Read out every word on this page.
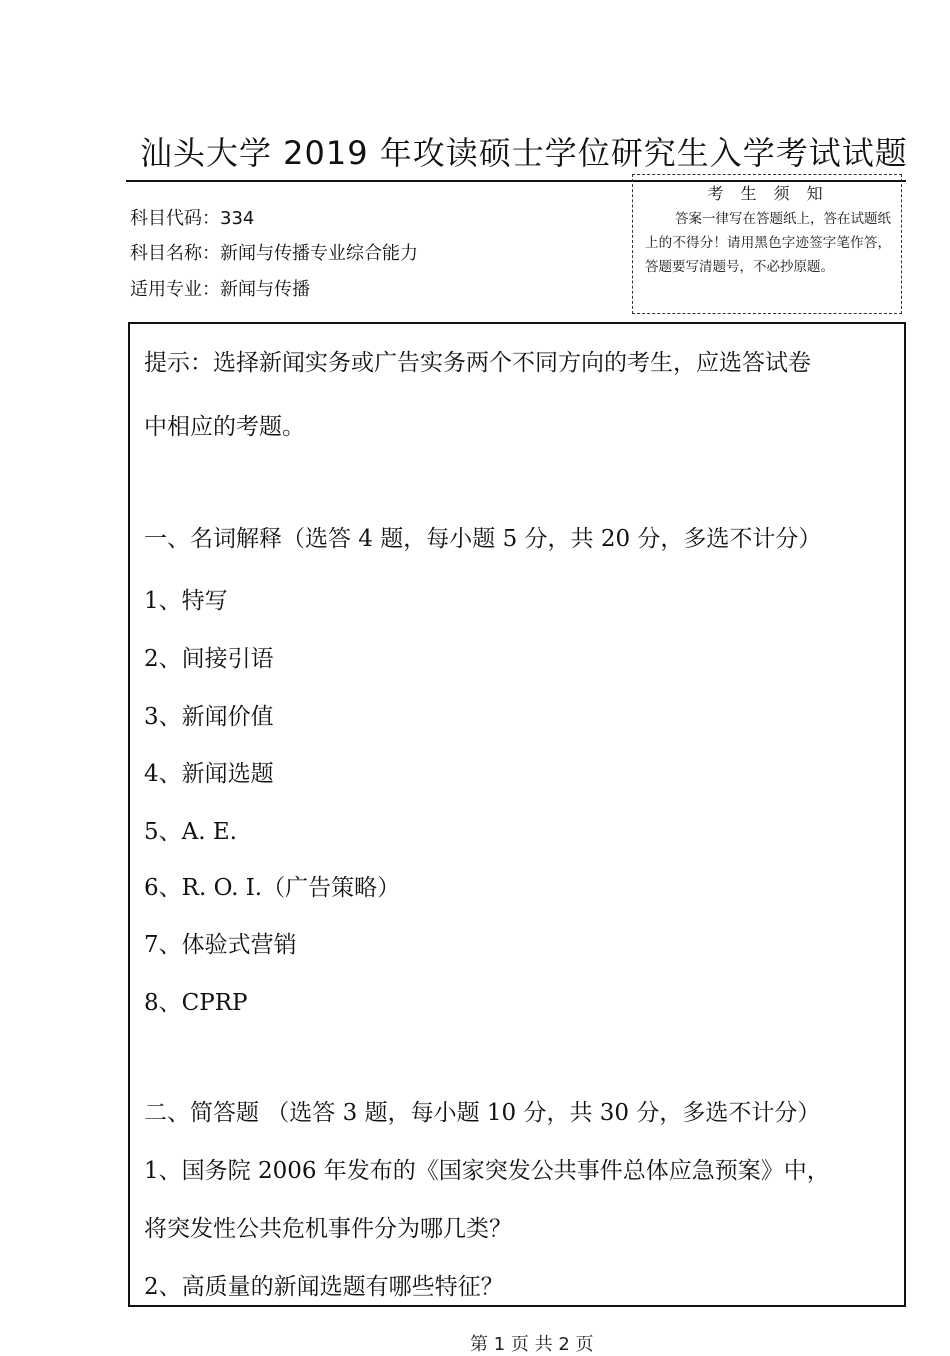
汕头大学 2019 年攻读硕士学位研究生入学考试试题
科目代码：334
科目名称：新闻与传播专业综合能力
适用专业：新闻与传播
考 生 须 知
答案一律写在答题纸上，答在试题纸上的不得分！请用黑色字迹签字笔作答，答题要写清题号，不必抄原题。
提示：选择新闻实务或广告实务两个不同方向的考生，应选答试卷
中相应的考题。
一、名词解释（选答 4 题，每小题 5 分，共 20 分，多选不计分）
1、特写
2、间接引语
3、新闻价值
4、新闻选题
5、A. E.
6、R. O. I.（广告策略）
7、体验式营销
8、CPRP
二、简答题 （选答 3 题，每小题 10 分，共 30 分，多选不计分）
1、国务院 2006 年发布的《国家突发公共事件总体应急预案》中，
将突发性公共危机事件分为哪几类？
2、高质量的新闻选题有哪些特征？
第 1 页 共 2 页
